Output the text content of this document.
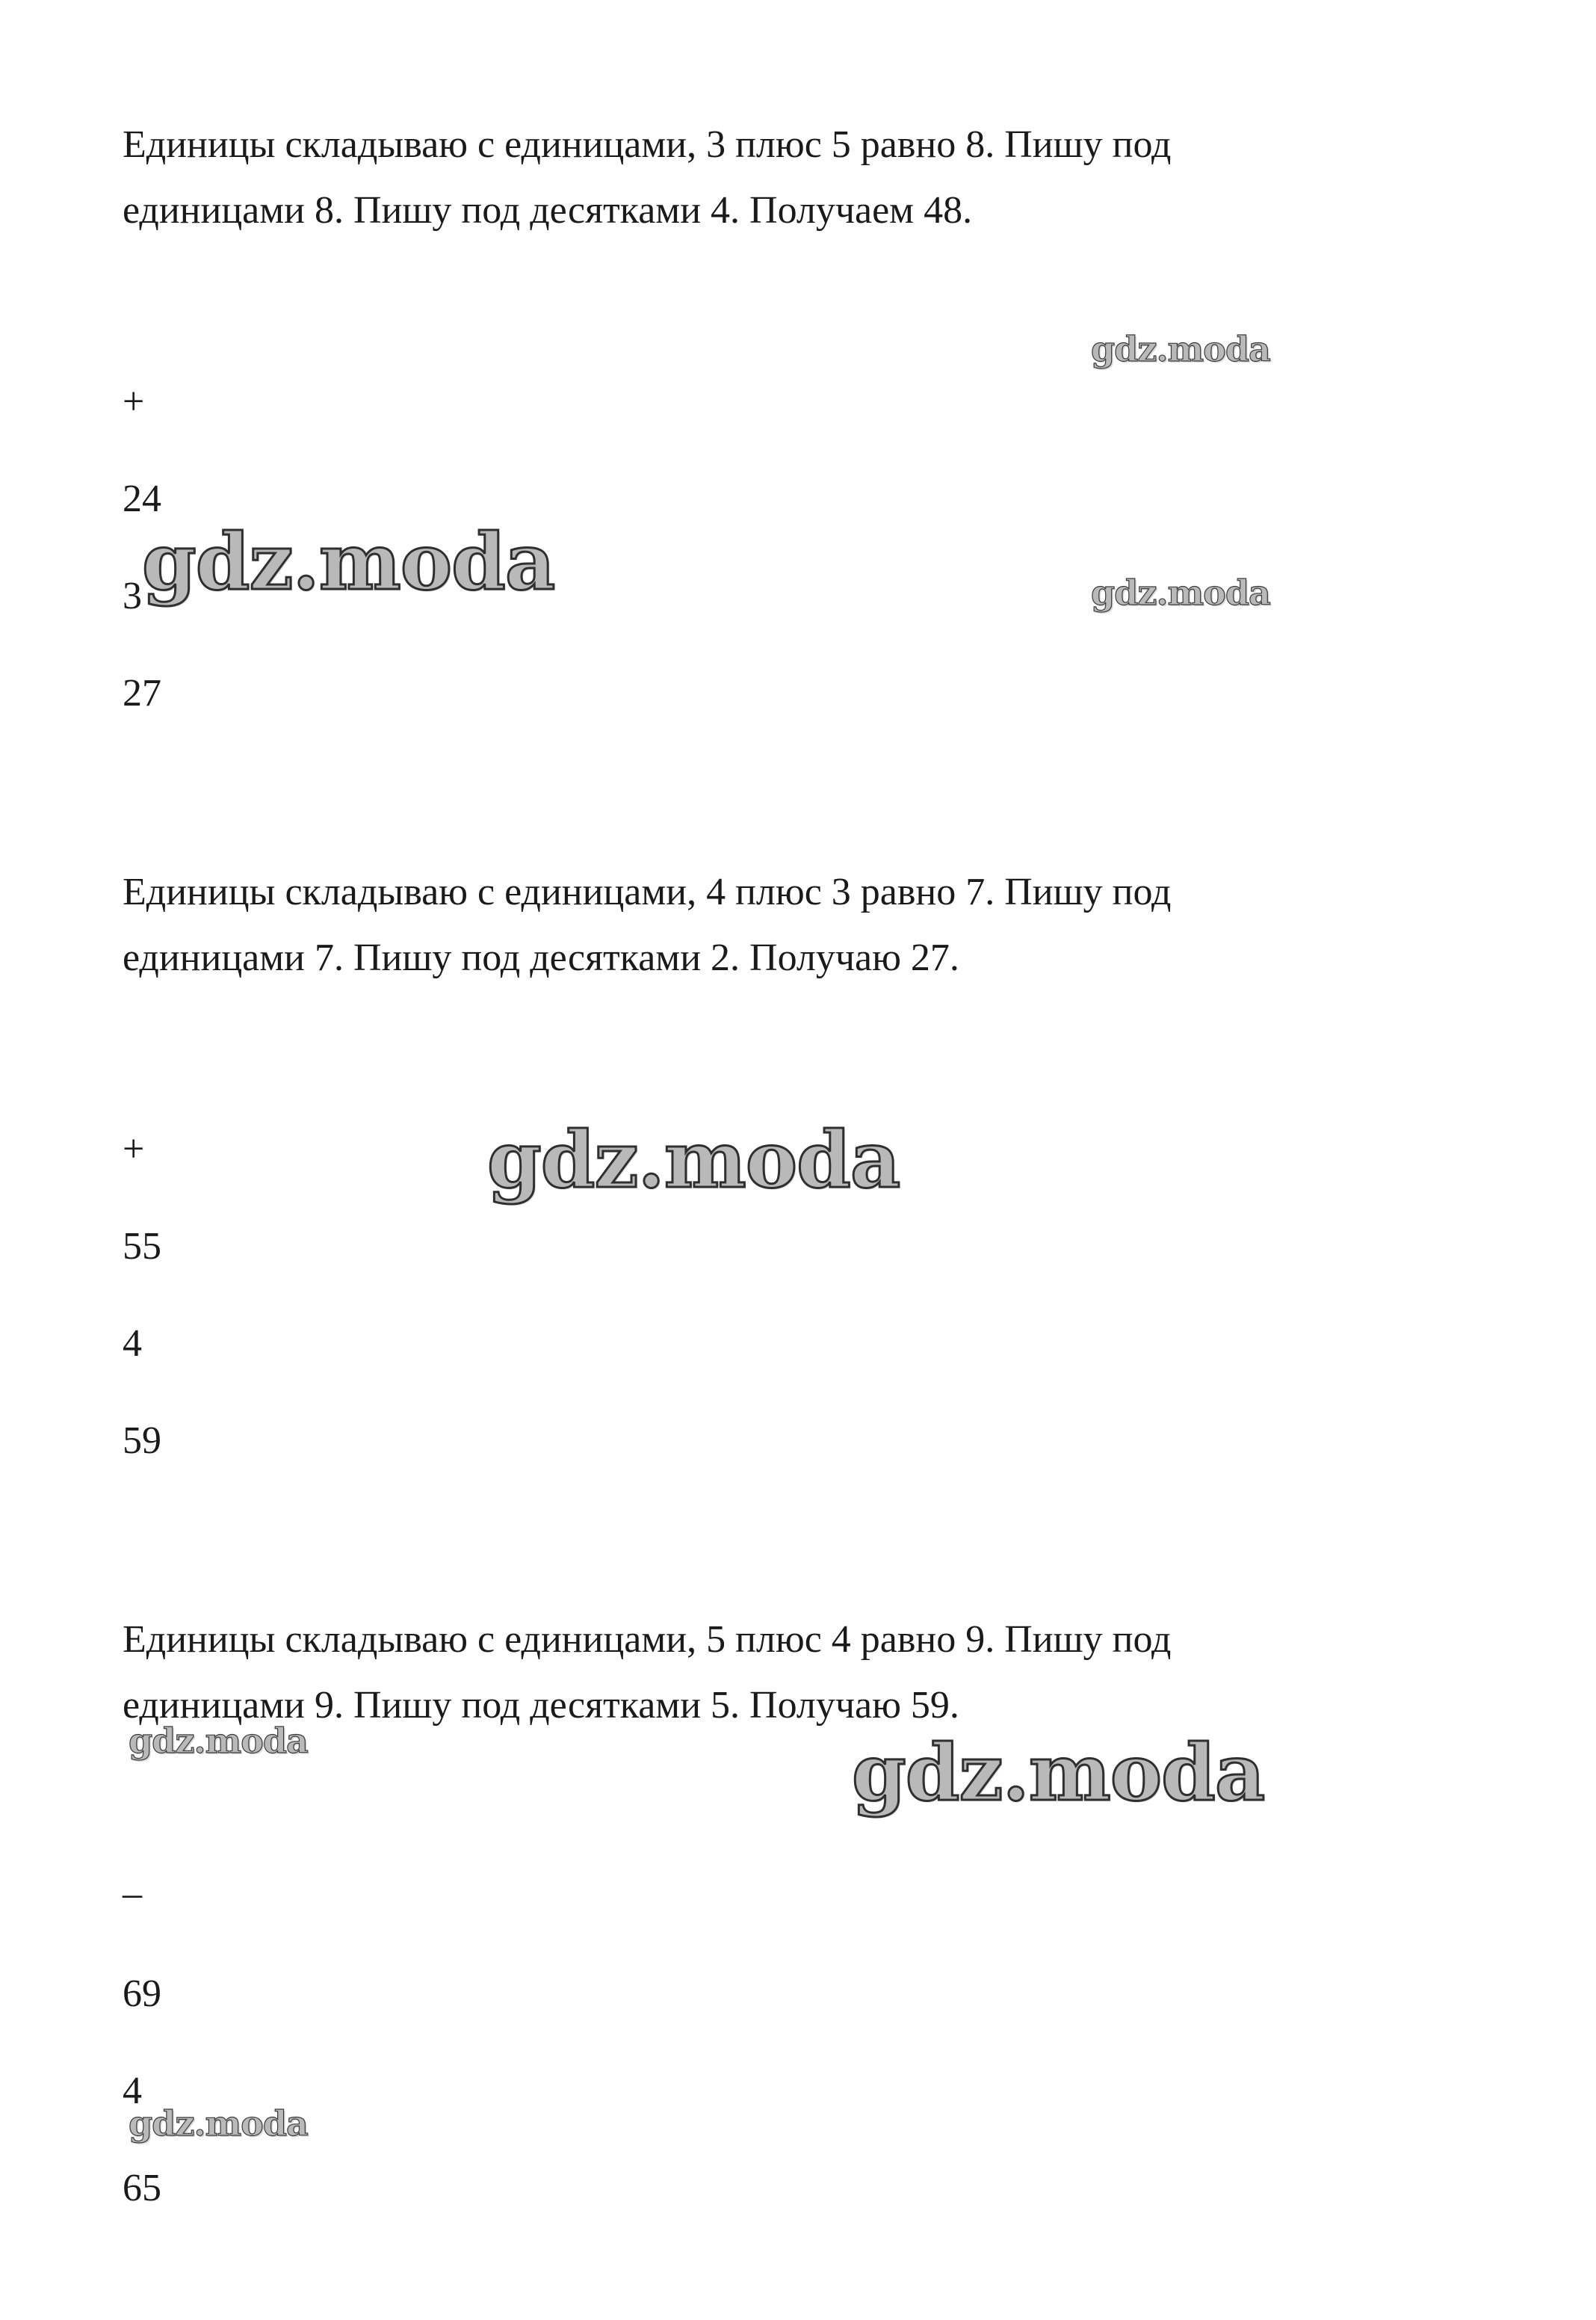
Единицы складываю с единицами, 3 плюс 5 равно 8. Пишу под
единицами 8. Пишу под десятками 4. Получаем 48.
+
24
3
27
Единицы складываю с единицами, 4 плюс 3 равно 7. Пишу под
единицами 7. Пишу под десятками 2. Получаю 27.
+
55
4
59
Единицы складываю с единицами, 5 плюс 4 равно 9. Пишу под
единицами 9. Пишу под десятками 5. Получаю 59.
–
69
4
65
gdz.moda
gdz.moda	gdz.moda
gdz.moda
gdz.moda	gdz.moda
gdz.moda
